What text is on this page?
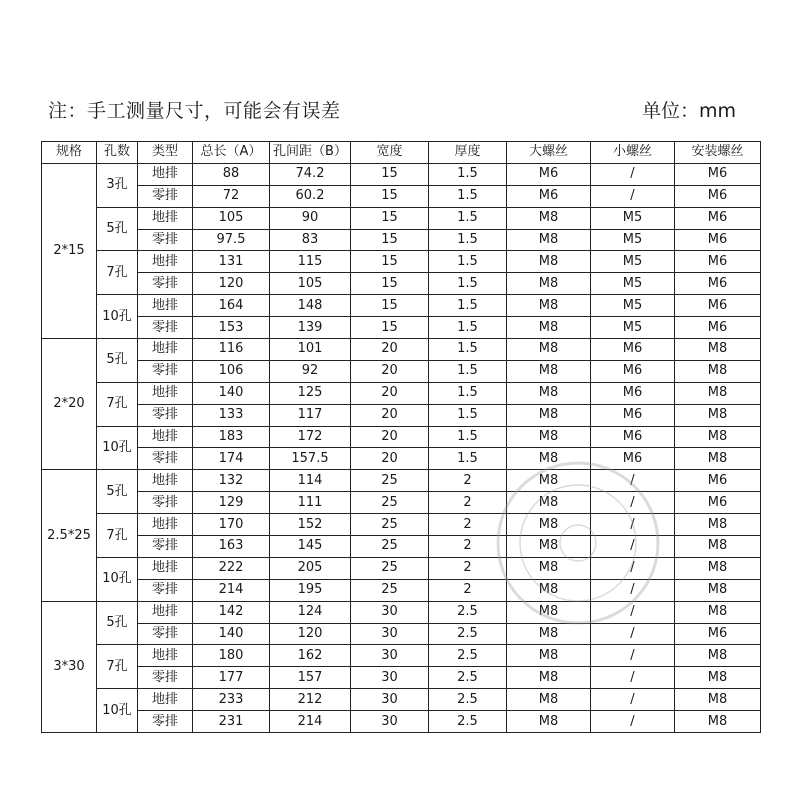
注：手工测量尺寸，可能会有误差	单位：mm
规格	孔数	类型	总长（A）	孔间距（B）	宽度	厚度	大螺丝	小螺丝	安装螺丝
2*15	3孔	地排	88	74.2	15	1.5	M6	/	M6
		零排	72	60.2	15	1.5	M6	/	M6
	5孔	地排	105	90	15	1.5	M8	M5	M6
		零排	97.5	83	15	1.5	M8	M5	M6
	7孔	地排	131	115	15	1.5	M8	M5	M6
		零排	120	105	15	1.5	M8	M5	M6
	10孔	地排	164	148	15	1.5	M8	M5	M6
		零排	153	139	15	1.5	M8	M5	M6
2*20	5孔	地排	116	101	20	1.5	M8	M6	M8
		零排	106	92	20	1.5	M8	M6	M8
	7孔	地排	140	125	20	1.5	M8	M6	M8
		零排	133	117	20	1.5	M8	M6	M8
	10孔	地排	183	172	20	1.5	M8	M6	M8
		零排	174	157.5	20	1.5	M8	M6	M8
2.5*25	5孔	地排	132	114	25	2	M8	/	M6
		零排	129	111	25	2	M8	/	M6
	7孔	地排	170	152	25	2	M8	/	M8
		零排	163	145	25	2	M8	/	M8
	10孔	地排	222	205	25	2	M8	/	M8
		零排	214	195	25	2	M8	/	M8
3*30	5孔	地排	142	124	30	2.5	M8	/	M8
		零排	140	120	30	2.5	M8	/	M6
	7孔	地排	180	162	30	2.5	M8	/	M8
		零排	177	157	30	2.5	M8	/	M8
	10孔	地排	233	212	30	2.5	M8	/	M8
		零排	231	214	30	2.5	M8	/	M8
